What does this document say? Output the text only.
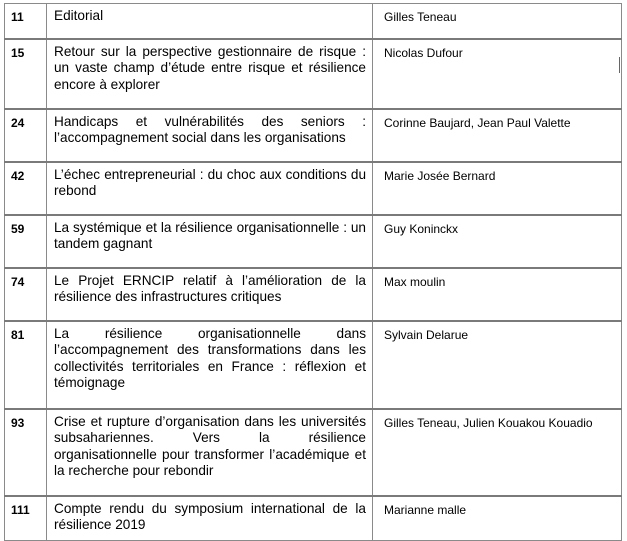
11	Editorial	Gilles Teneau
15	Retour sur la perspective gestionnaire de risque : un vaste champ d’étude entre risque et résilience encore à explorer	Nicolas Dufour
24	Handicaps et vulnérabilités des seniors : l’accompagnement social dans les organisations	Corinne Baujard, Jean Paul Valette
42	L’échec entrepreneurial : du choc aux conditions du rebond	Marie Josée Bernard
59	La systémique et la résilience organisationnelle : un tandem gagnant	Guy Koninckx
74	Le Projet ERNCIP relatif à l’amélioration de la résilience des infrastructures critiques	Max moulin
81	La résilience organisationnelle dans l’accompagnement des transformations dans les collectivités territoriales en France : réflexion et témoignage	Sylvain Delarue
93	Crise et rupture d’organisation dans les universités subsahariennes. Vers la résilience organisationnelle pour transformer l’académique et la recherche pour rebondir	Gilles Teneau, Julien Kouakou Kouadio
111	Compte rendu du symposium international de la résilience 2019	Marianne malle
